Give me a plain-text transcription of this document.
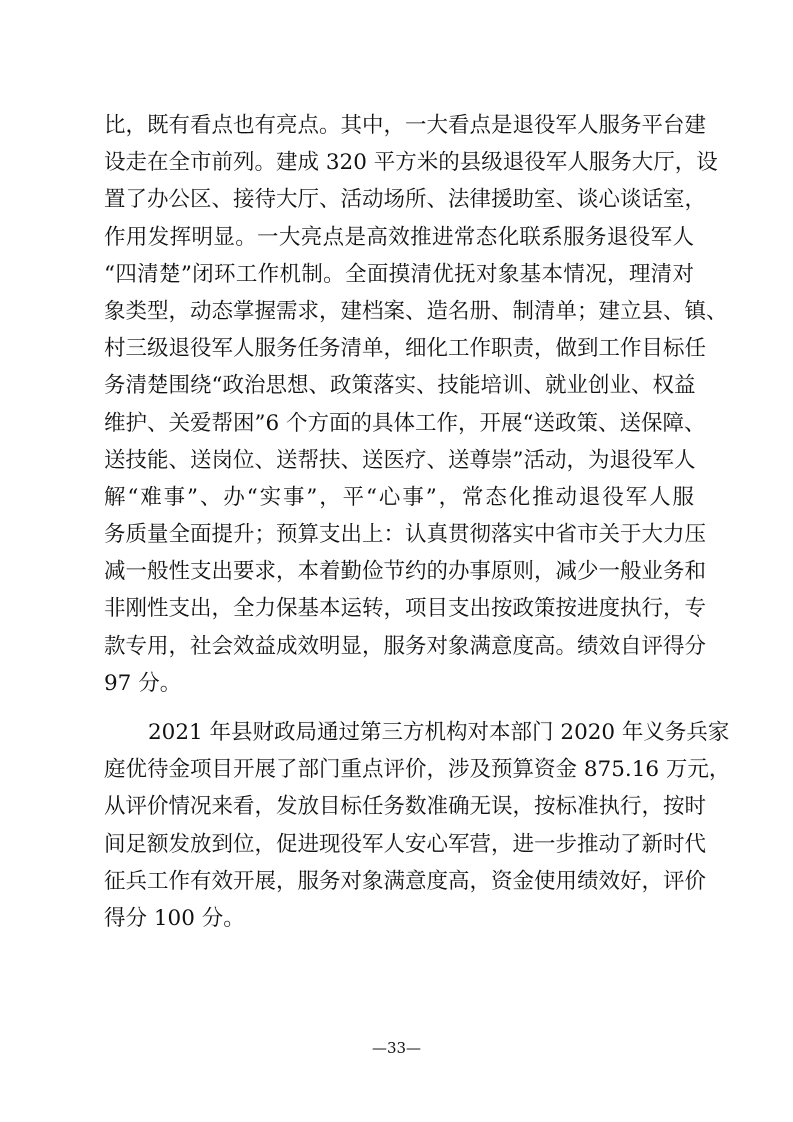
比，既有看点也有亮点。其中，一大看点是退役军人服务平台建
设走在全市前列。建成 320 平方米的县级退役军人服务大厅，设
置了办公区、接待大厅、活动场所、法律援助室、谈心谈话室，
作用发挥明显。一大亮点是高效推进常态化联系服务退役军人
“四清楚”闭环工作机制。全面摸清优抚对象基本情况，理清对
象类型，动态掌握需求，建档案、造名册、制清单；建立县、镇、
村三级退役军人服务任务清单，细化工作职责，做到工作目标任
务清楚围绕“政治思想、政策落实、技能培训、就业创业、权益
维护、关爱帮困”6 个方面的具体工作，开展“送政策、送保障、
送技能、送岗位、送帮扶、送医疗、送尊崇”活动，为退役军人
解“难事”、办“实事”，平“心事”，常态化推动退役军人服
务质量全面提升；预算支出上：认真贯彻落实中省市关于大力压
减一般性支出要求，本着勤俭节约的办事原则，减少一般业务和
非刚性支出，全力保基本运转，项目支出按政策按进度执行，专
款专用，社会效益成效明显，服务对象满意度高。绩效自评得分
97 分。
2021 年县财政局通过第三方机构对本部门 2020 年义务兵家
庭优待金项目开展了部门重点评价，涉及预算资金 875.16 万元，
从评价情况来看，发放目标任务数准确无误，按标准执行，按时
间足额发放到位，促进现役军人安心军营，进一步推动了新时代
征兵工作有效开展，服务对象满意度高，资金使用绩效好，评价
得分 100 分。
—33—
